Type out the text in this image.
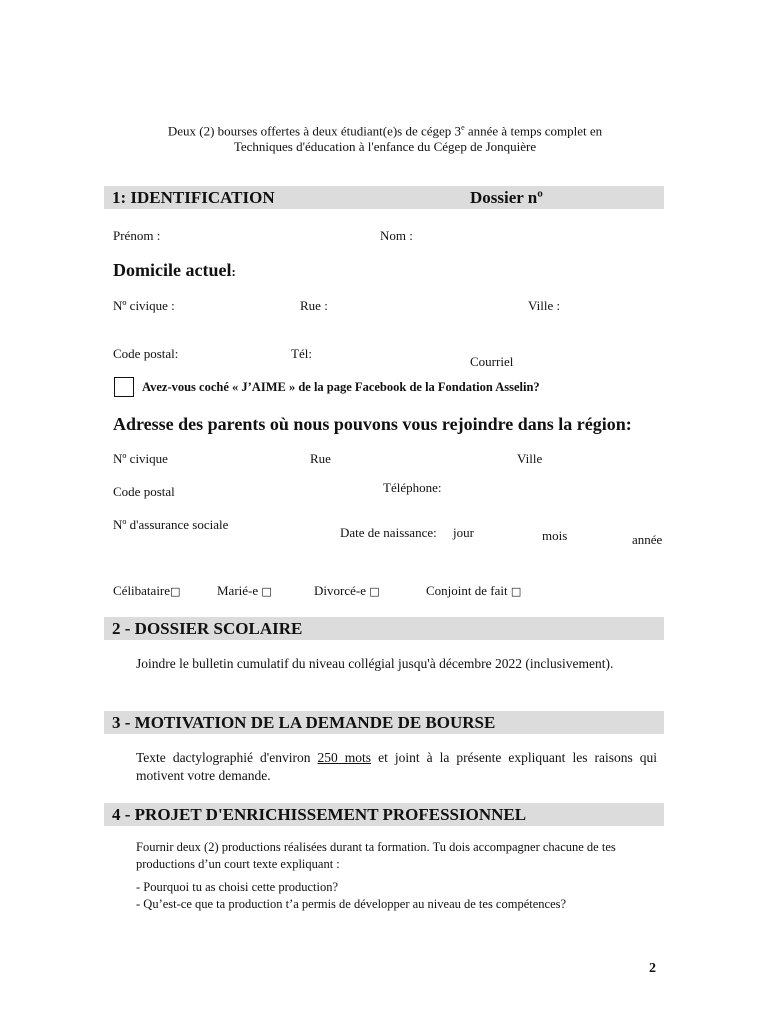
Deux (2) bourses offertes à deux étudiant(e)s de cégep 3e année à temps complet en
Techniques d'éducation à l'enfance du Cégep de Jonquière
1: IDENTIFICATION	Dossier nº
Prénom :	Nom :
Domicile actuel:
Nº civique :	Rue :	Ville :
Code postal:	Tél:
Courriel
Avez-vous coché « J’AIME » de la page Facebook de la Fondation Asselin?
Adresse des parents où nous pouvons vous rejoindre dans la région:
Nº civique	Rue	Ville
Code postal	Téléphone:
Nº d'assurance sociale
Date de naissance: jour	mois	année
Célibataire□	Marié-e □	Divorcé-e □	Conjoint de fait □
2 - DOSSIER SCOLAIRE
Joindre le bulletin cumulatif du niveau collégial jusqu'à décembre 2022 (inclusivement).
3 - MOTIVATION DE LA DEMANDE DE BOURSE
Texte dactylographié d'environ 250 mots et joint à la présente expliquant les raisons qui motivent votre demande.
4 - PROJET D'ENRICHISSEMENT PROFESSIONNEL
Fournir deux (2) productions réalisées durant ta formation. Tu dois accompagner chacune de tes productions d’un court texte expliquant :
- Pourquoi tu as choisi cette production?
- Qu’est-ce que ta production t’a permis de développer au niveau de tes compétences?
2
